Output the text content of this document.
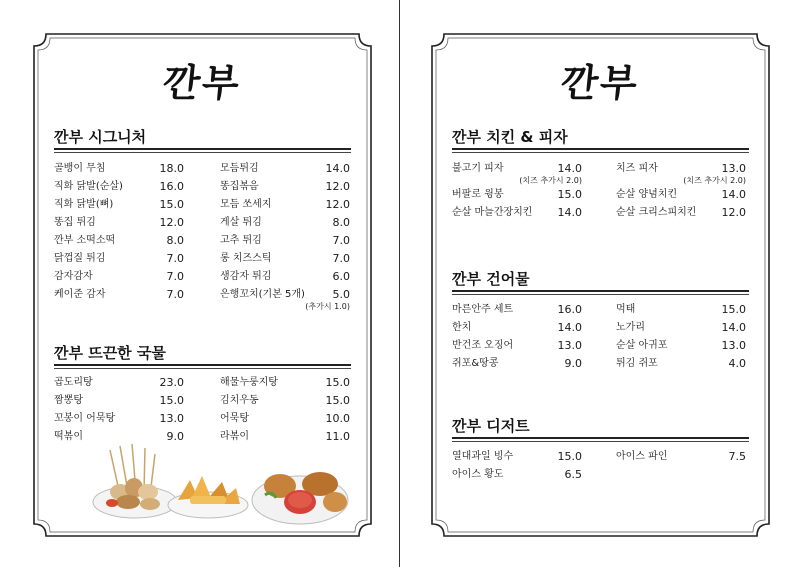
깐부
깐부 시그니처
골뱅이 무침	18.0
직화 닭발(순살)	16.0
직화 닭발(뼈)	15.0
똥집 튀김	12.0
깐부 소떡소떡	8.0
닭껍질 튀김	7.0
감자감자	7.0
케이준 감자	7.0
모듬튀김	14.0
똥집볶음	12.0
모듬 쏘세지	12.0
게살 튀김	8.0
고추 튀김	7.0
롱 치즈스틱	7.0
생감자 튀김	6.0
은행꼬치(기본 5개)	5.0
(추가시 1.0)
깐부 뜨끈한 국물
곱도리탕	23.0
짬뽕탕	15.0
꼬봉이 어묵탕	13.0
떡볶이	9.0
해물누룽지탕	15.0
김치우동	15.0
어묵탕	10.0
라볶이	11.0
깐부
깐부 치킨 & 피자
불고기 피자	14.0
(치즈 추가시 2.0)
버팔로 윙봉	15.0
순살 마늘간장치킨 14.0
치즈 피자	13.0
(치즈 추가시 2.0)
순살 양념치킨	14.0
순살 크리스피치킨 12.0
깐부 건어물
마른안주 세트	16.0
한치	14.0
반건조 오징어	13.0
쥐포&땅콩	9.0
먹태	15.0
노가리	14.0
순살 아귀포	13.0
튀김 쥐포	4.0
깐부 디저트
열대과일 빙수	15.0
아이스 황도	6.5
아이스 파인	7.5
